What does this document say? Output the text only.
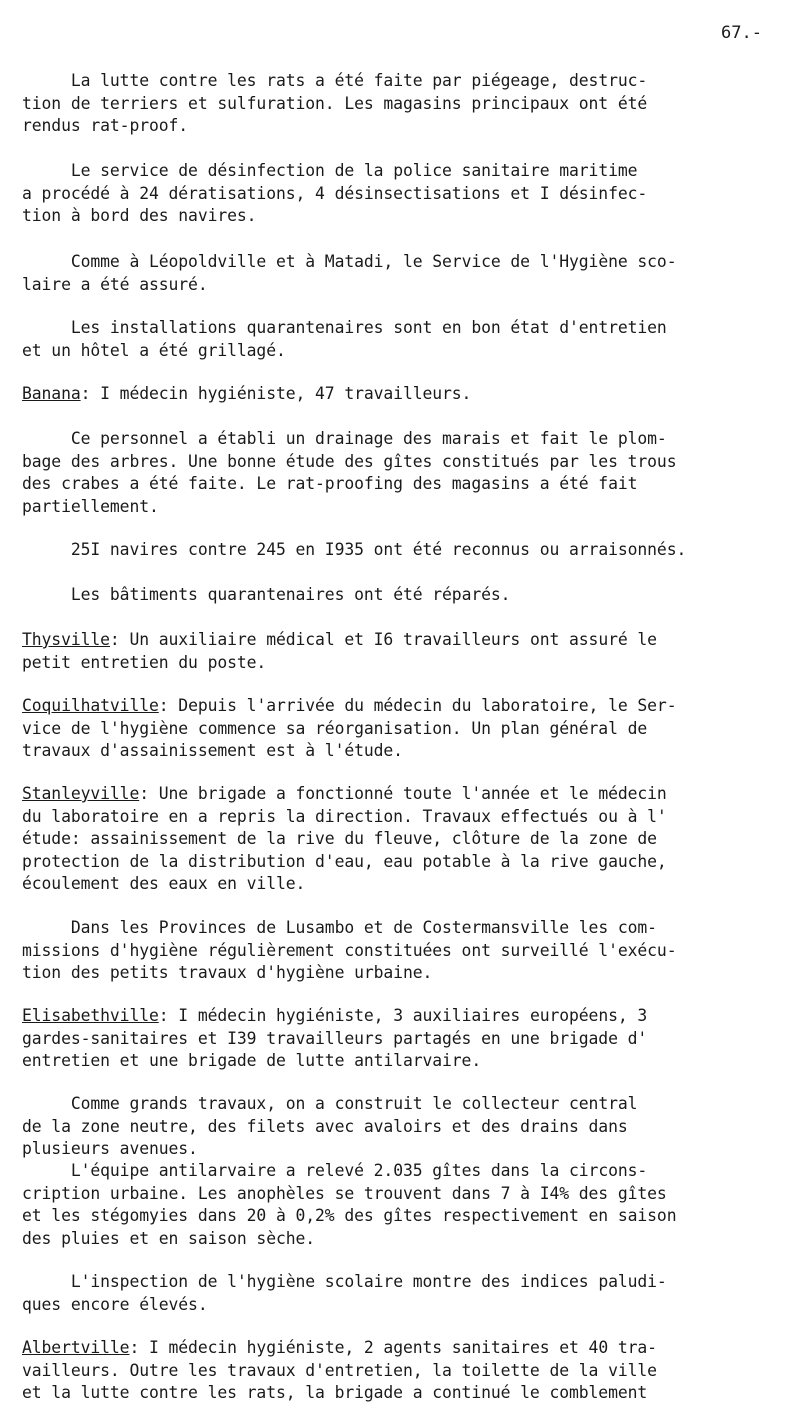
67.-
La lutte contre les rats a été faite par piégeage, destruc-
tion de terriers et sulfuration. Les magasins principaux ont été
rendus rat-proof.
Le service de désinfection de la police sanitaire maritime
a procédé à 24 dératisations, 4 désinsectisations et I désinfec-
tion à bord des navires.
Comme à Léopoldville et à Matadi, le Service de l'Hygiène sco-
laire a été assuré.
Les installations quarantenaires sont en bon état d'entretien
et un hôtel a été grillagé.
Banana: I médecin hygiéniste, 47 travailleurs.
Ce personnel a établi un drainage des marais et fait le plom-
bage des arbres. Une bonne étude des gîtes constitués par les trous
des crabes a été faite. Le rat-proofing des magasins a été fait
partiellement.
25I navires contre 245 en I935 ont été reconnus ou arraisonnés.
Les bâtiments quarantenaires ont été réparés.
Thysville: Un auxiliaire médical et I6 travailleurs ont assuré le
petit entretien du poste.
Coquilhatville: Depuis l'arrivée du médecin du laboratoire, le Ser-
vice de l'hygiène commence sa réorganisation. Un plan général de
travaux d'assainissement est à l'étude.
Stanleyville: Une brigade a fonctionné toute l'année et le médecin
du laboratoire en a repris la direction. Travaux effectués ou à l'
étude: assainissement de la rive du fleuve, clôture de la zone de
protection de la distribution d'eau, eau potable à la rive gauche,
écoulement des eaux en ville.
Dans les Provinces de Lusambo et de Costermansville les com-
missions d'hygiène régulièrement constituées ont surveillé l'exécu-
tion des petits travaux d'hygiène urbaine.
Elisabethville: I médecin hygiéniste, 3 auxiliaires européens, 3
gardes-sanitaires et I39 travailleurs partagés en une brigade d'
entretien et une brigade de lutte antilarvaire.
Comme grands travaux, on a construit le collecteur central
de la zone neutre, des filets avec avaloirs et des drains dans
plusieurs avenues.
L'équipe antilarvaire a relevé 2.035 gîtes dans la circons-
cription urbaine. Les anophèles se trouvent dans 7 à I4% des gîtes
et les stégomyies dans 20 à 0,2% des gîtes respectivement en saison
des pluies et en saison sèche.
L'inspection de l'hygiène scolaire montre des indices paludi-
ques encore élevés.
Albertville: I médecin hygiéniste, 2 agents sanitaires et 40 tra-
vailleurs. Outre les travaux d'entretien, la toilette de la ville
et la lutte contre les rats, la brigade a continué le comblement
